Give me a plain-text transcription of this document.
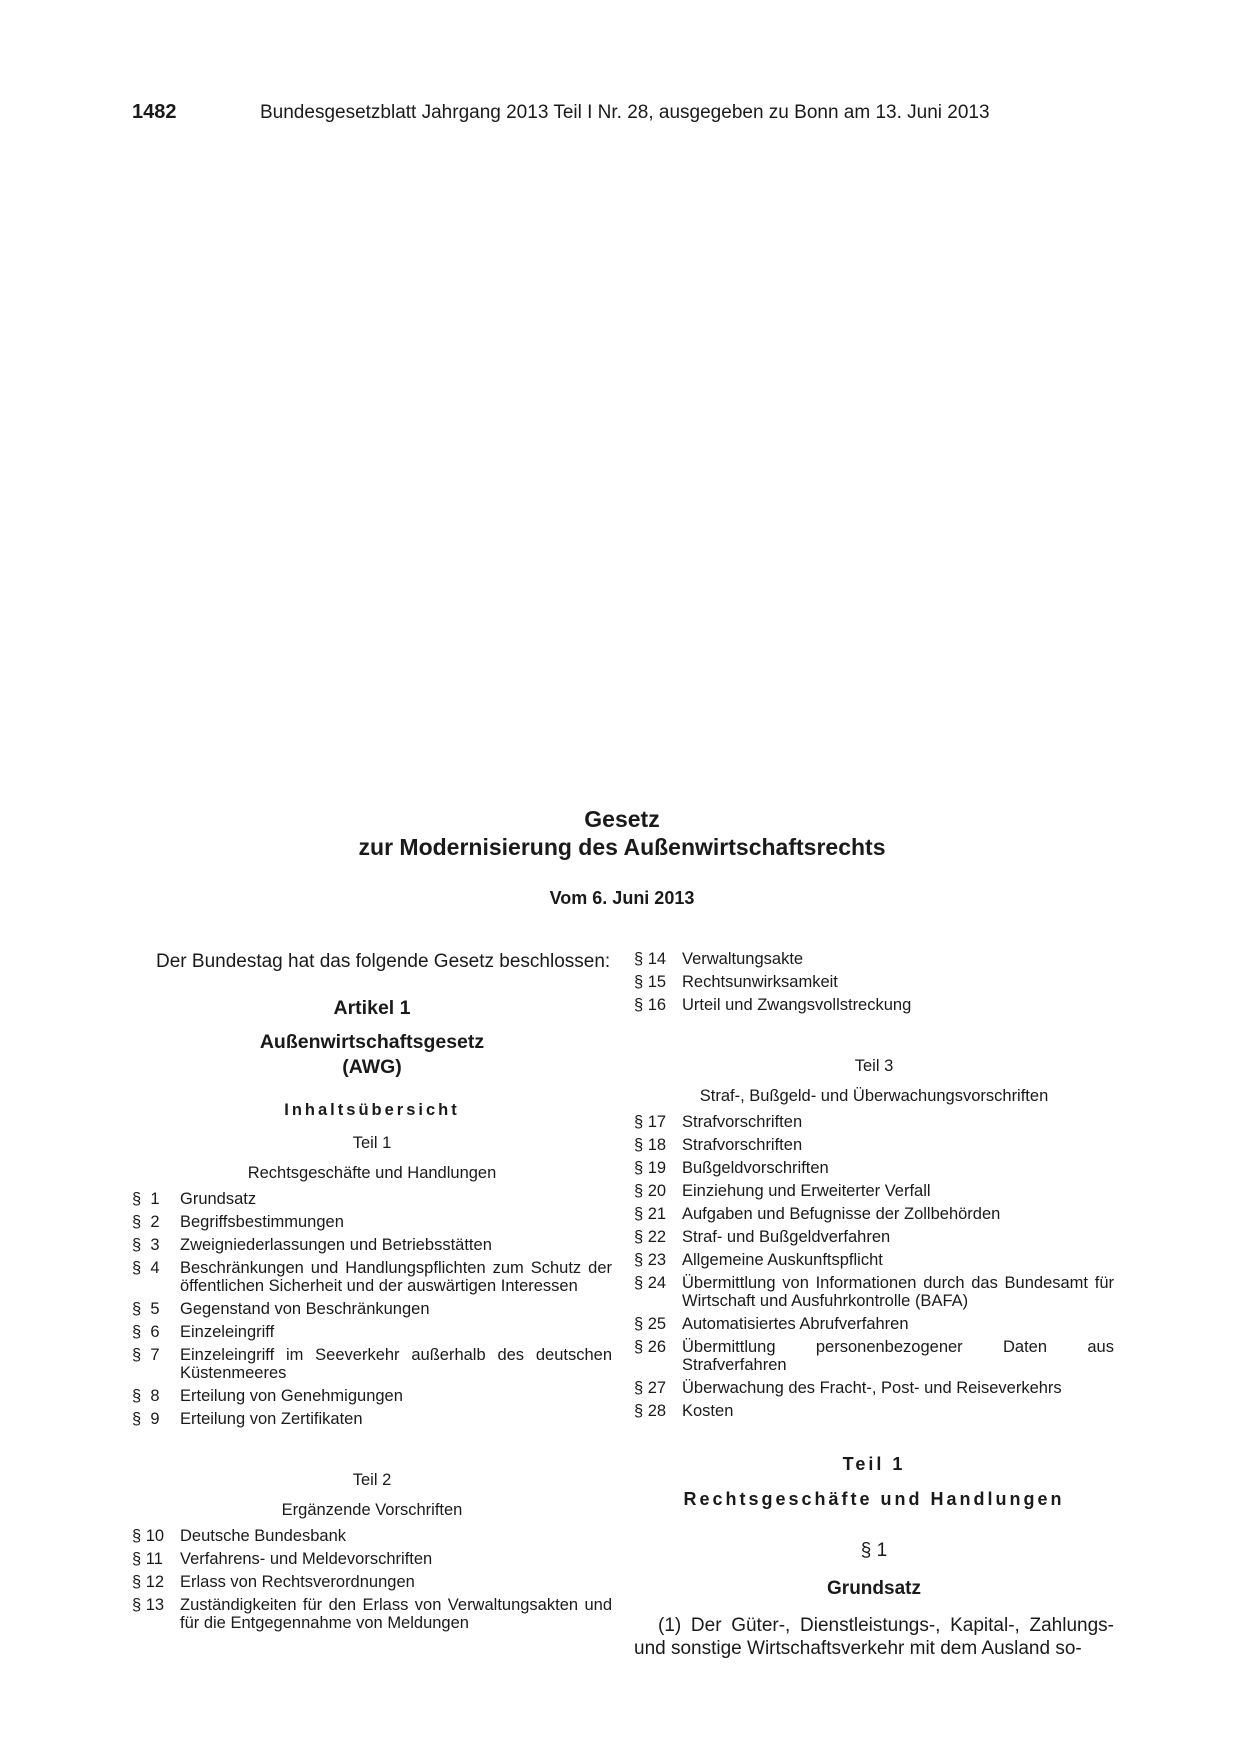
1482	Bundesgesetzblatt Jahrgang 2013 Teil I Nr. 28, ausgegeben zu Bonn am 13. Juni 2013
Gesetz
zur Modernisierung des Außenwirtschaftsrechts
Vom 6. Juni 2013

Der Bundestag hat das folgende Gesetz beschlossen:

Artikel 1
Außenwirtschaftsgesetz
(AWG)
Inhaltsübersicht
Teil 1
Rechtsgeschäfte und Handlungen
§  1	Grundsatz
§  2	Begriffsbestimmungen
§  3	Zweigniederlassungen und Betriebsstätten
§  4	Beschränkungen und Handlungspflichten zum Schutz der öffentlichen Sicherheit und der auswärtigen Interessen
§  5	Gegenstand von Beschränkungen
§  6	Einzeleingriff
§  7	Einzeleingriff im Seeverkehr außerhalb des deutschen Küstenmeeres
§  8	Erteilung von Genehmigungen
§  9	Erteilung von Zertifikaten
Teil 2
Ergänzende Vorschriften
§ 10 Deutsche Bundesbank
§ 11	Verfahrens- und Meldevorschriften
§ 12 Erlass von Rechtsverordnungen
§ 13 Zuständigkeiten für den Erlass von Verwaltungsakten und für die Entgegennahme von Meldungen
§ 14 Verwaltungsakte
§ 15 Rechtsunwirksamkeit
§ 16 Urteil und Zwangsvollstreckung
Teil 3
Straf-, Bußgeld- und Überwachungsvorschriften
§ 17 Strafvorschriften
§ 18 Strafvorschriften
§ 19 Bußgeldvorschriften
§ 20 Einziehung und Erweiterter Verfall
§ 21 Aufgaben und Befugnisse der Zollbehörden
§ 22 Straf- und Bußgeldverfahren
§ 23 Allgemeine Auskunftspflicht
§ 24 Übermittlung von Informationen durch das Bundesamt für Wirtschaft und Ausfuhrkontrolle (BAFA)
§ 25 Automatisiertes Abrufverfahren
§ 26 Übermittlung personenbezogener Daten aus Strafverfahren
§ 27 Überwachung des Fracht-, Post- und Reiseverkehrs
§ 28 Kosten
Teil 1
Rechtsgeschäfte und Handlungen
§ 1
Grundsatz

(1) Der Güter-, Dienstleistungs-, Kapital-, Zahlungs- und sonstige Wirtschaftsverkehr mit dem Ausland so-
